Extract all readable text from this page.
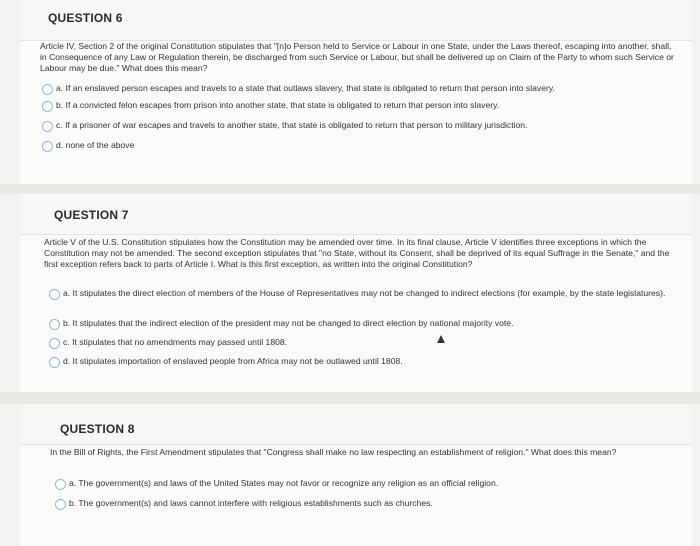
QUESTION 6
Article IV, Section 2 of the original Constitution stipulates that "[n]o Person held to Service or Labour in one State, under the Laws thereof, escaping into another, shall, in Consequence of any Law or Regulation therein, be discharged from such Service or Labour, but shall be delivered up on Claim of the Party to whom such Service or Labour may be due." What does this mean?
a. If an enslaved person escapes and travels to a state that outlaws slavery, that state is obligated to return that person into slavery.
b. If a convicted felon escapes from prison into another state, that state is obligated to return that person into slavery.
c. If a prisoner of war escapes and travels to another state, that state is obligated to return that person to military jurisdiction.
d. none of the above
QUESTION 7
Article V of the U.S. Constitution stipulates how the Constitution may be amended over time. In its final clause, Article V identifies three exceptions in which the Constitution may not be amended. The second exception stipulates that "no State, without its Consent, shall be deprived of its equal Suffrage in the Senate," and the first exception refers back to parts of Article I. What is this first exception, as written into the original Constitution?
a. It stipulates the direct election of members of the House of Representatives may not be changed to indirect elections (for example, by the state legislatures).
b. It stipulates that the indirect election of the president may not be changed to direct election by national majority vote.
c. It stipulates that no amendments may passed until 1808.
d. It stipulates importation of enslaved people from Africa may not be outlawed until 1808.
QUESTION 8
In the Bill of Rights, the First Amendment stipulates that "Congress shall make no law respecting an establishment of religion." What does this mean?
a. The government(s) and laws of the United States may not favor or recognize any religion as an official religion.
b. The government(s) and laws cannot interfere with religious establishments such as churches.
